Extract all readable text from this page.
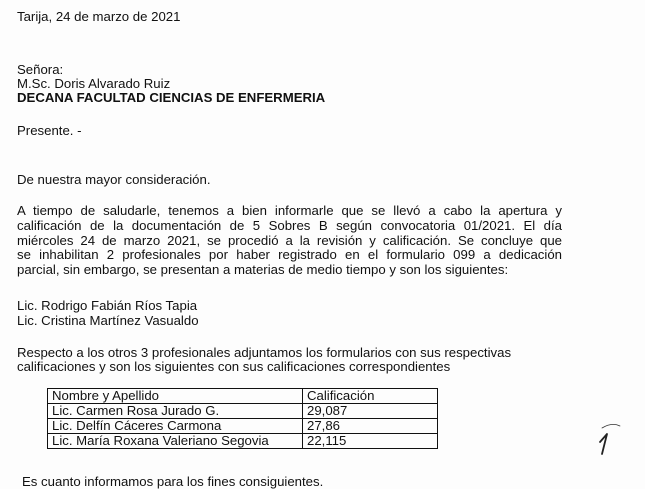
Tarija, 24 de marzo de 2021
Señora:
M.Sc. Doris Alvarado Ruiz
DECANA FACULTAD CIENCIAS DE ENFERMERIA
Presente. -
De nuestra mayor consideración.
A tiempo de saludarle, tenemos a bien informarle que se llevó a cabo la apertura y
calificación de la documentación de 5 Sobres B según convocatoria 01/2021. El día
miércoles 24 de marzo 2021, se procedió a la revisión y calificación. Se concluye que
se inhabilitan 2 profesionales por haber registrado en el formulario 099 a dedicación
parcial, sin embargo, se presentan a materias de medio tiempo y son los siguientes:
Lic. Rodrigo Fabián Ríos Tapia
Lic. Cristina Martínez Vasualdo
Respecto a los otros 3 profesionales adjuntamos los formularios con sus respectivas
calificaciones y son los siguientes con sus calificaciones correspondientes
Nombre y Apellido	Calificación
Lic. Carmen Rosa Jurado G.	29,087
Lic. Delfín Cáceres Carmona	27,86
Lic. María Roxana Valeriano Segovia	22,115
Es cuanto informamos para los fines consiguientes.
